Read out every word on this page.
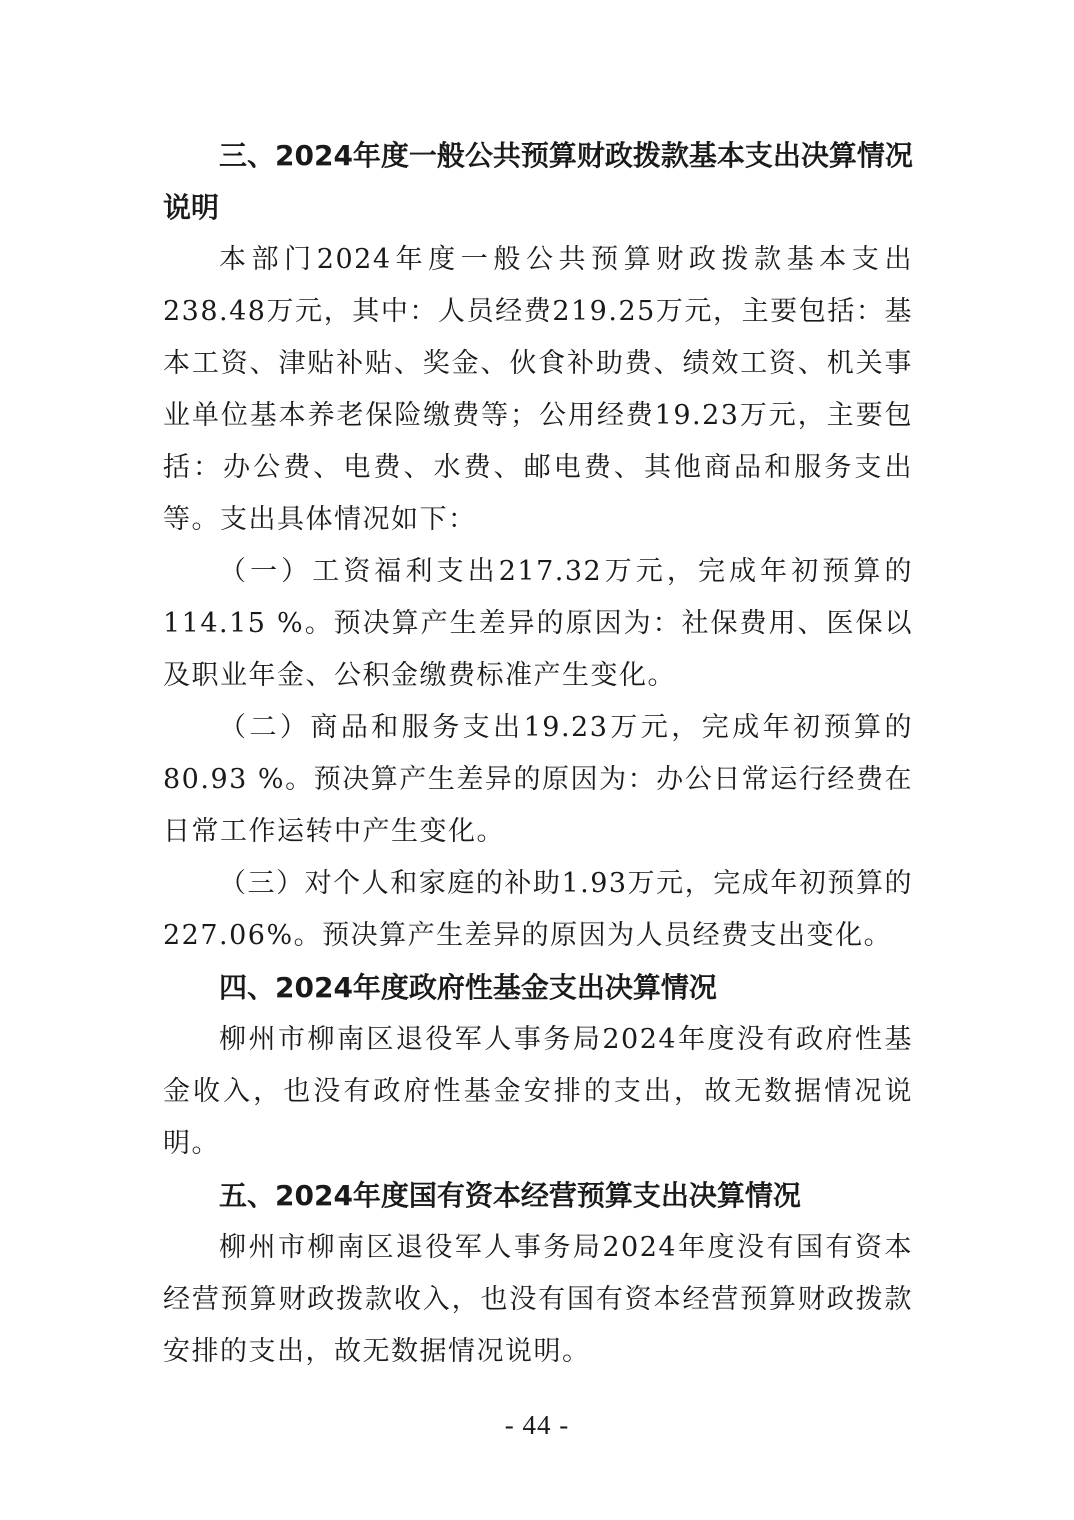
三、2024年度一般公共预算财政拨款基本支出决算情况说明

本部门2024年度一般公共预算财政拨款基本支出238.48万元，其中：人员经费219.25万元，主要包括：基本工资、津贴补贴、奖金、伙食补助费、绩效工资、机关事业单位基本养老保险缴费等；公用经费19.23万元，主要包括：办公费、电费、水费、邮电费、其他商品和服务支出等。支出具体情况如下：

（一）工资福利支出217.32万元，完成年初预算的114.15 %。预决算产生差异的原因为：社保费用、医保以及职业年金、公积金缴费标准产生变化。

（二）商品和服务支出19.23万元，完成年初预算的80.93 %。预决算产生差异的原因为：办公日常运行经费在日常工作运转中产生变化。

（三）对个人和家庭的补助1.93万元，完成年初预算的227.06%。预决算产生差异的原因为人员经费支出变化。

四、2024年度政府性基金支出决算情况

柳州市柳南区退役军人事务局2024年度没有政府性基金收入，也没有政府性基金安排的支出，故无数据情况说明。

五、2024年度国有资本经营预算支出决算情况

柳州市柳南区退役军人事务局2024年度没有国有资本经营预算财政拨款收入，也没有国有资本经营预算财政拨款安排的支出，故无数据情况说明。

- 44 -
